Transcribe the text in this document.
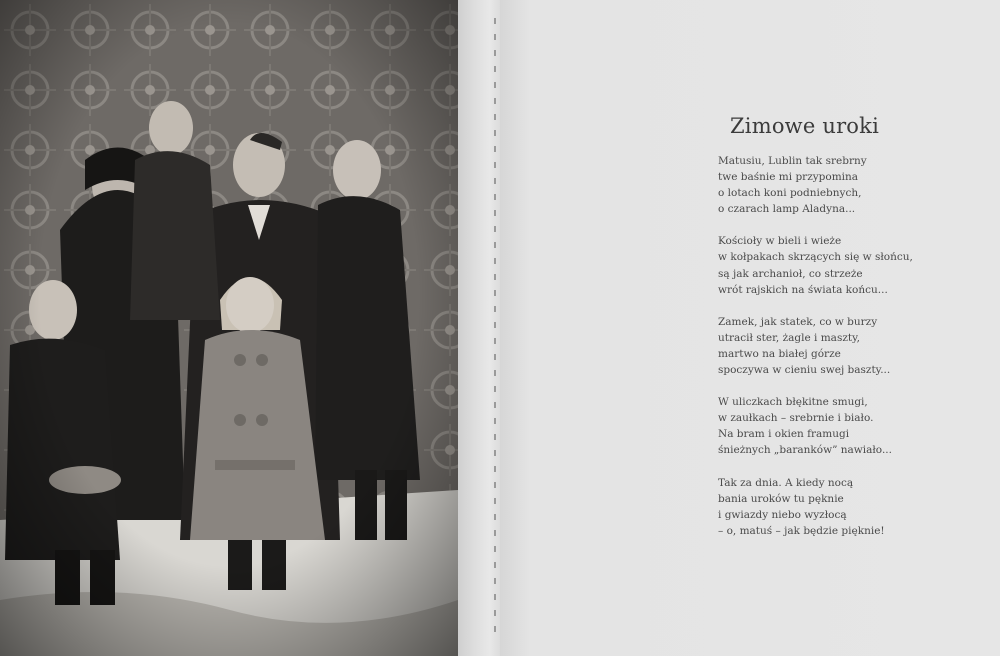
Zimowe uroki
Matusiu, Lublin tak srebrny
twe baśnie mi przypomina
o lotach koni podniebnych,
o czarach lamp Aladyna...
Kościoły w bieli i wieże
w kołpakach skrzących się w słońcu,
są jak archanioł, co strzeże
wrót rajskich na świata końcu...
Zamek, jak statek, co w burzy
utracił ster, żagle i maszty,
martwo na białej górze
spoczywa w cieniu swej baszty...
W uliczkach błękitne smugi,
w zaułkach – srebrnie i biało.
Na bram i okien framugi
śnieżnych „baranków” nawiało...
Tak za dnia. A kiedy nocą
bania uroków tu pęknie
i gwiazdy niebo wyzłocą
– o, matuś – jak będzie pięknie!
